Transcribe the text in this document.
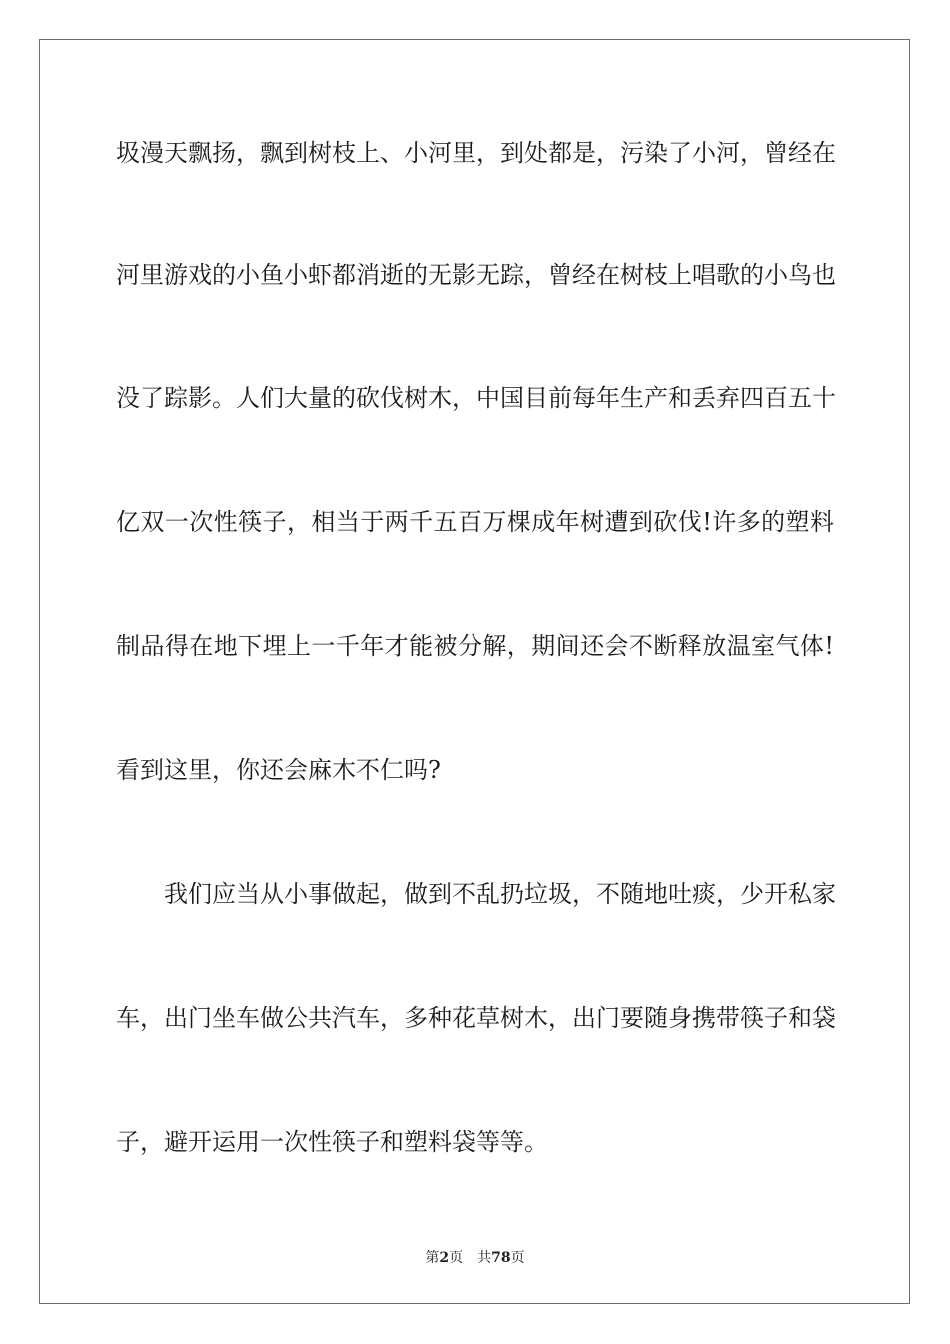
圾漫天飘扬，飘到树枝上、小河里，到处都是，污染了小河，曾经在
河里游戏的小鱼小虾都消逝的无影无踪，曾经在树枝上唱歌的小鸟也
没了踪影。人们大量的砍伐树木，中国目前每年生产和丢弃四百五十
亿双一次性筷子，相当于两千五百万棵成年树遭到砍伐!许多的塑料
制品得在地下埋上一千年才能被分解，期间还会不断释放温室气体!
看到这里，你还会麻木不仁吗?
我们应当从小事做起，做到不乱扔垃圾，不随地吐痰，少开私家
车，出门坐车做公共汽车，多种花草树木，出门要随身携带筷子和袋
子，避开运用一次性筷子和塑料袋等等。
第2页 共78页
